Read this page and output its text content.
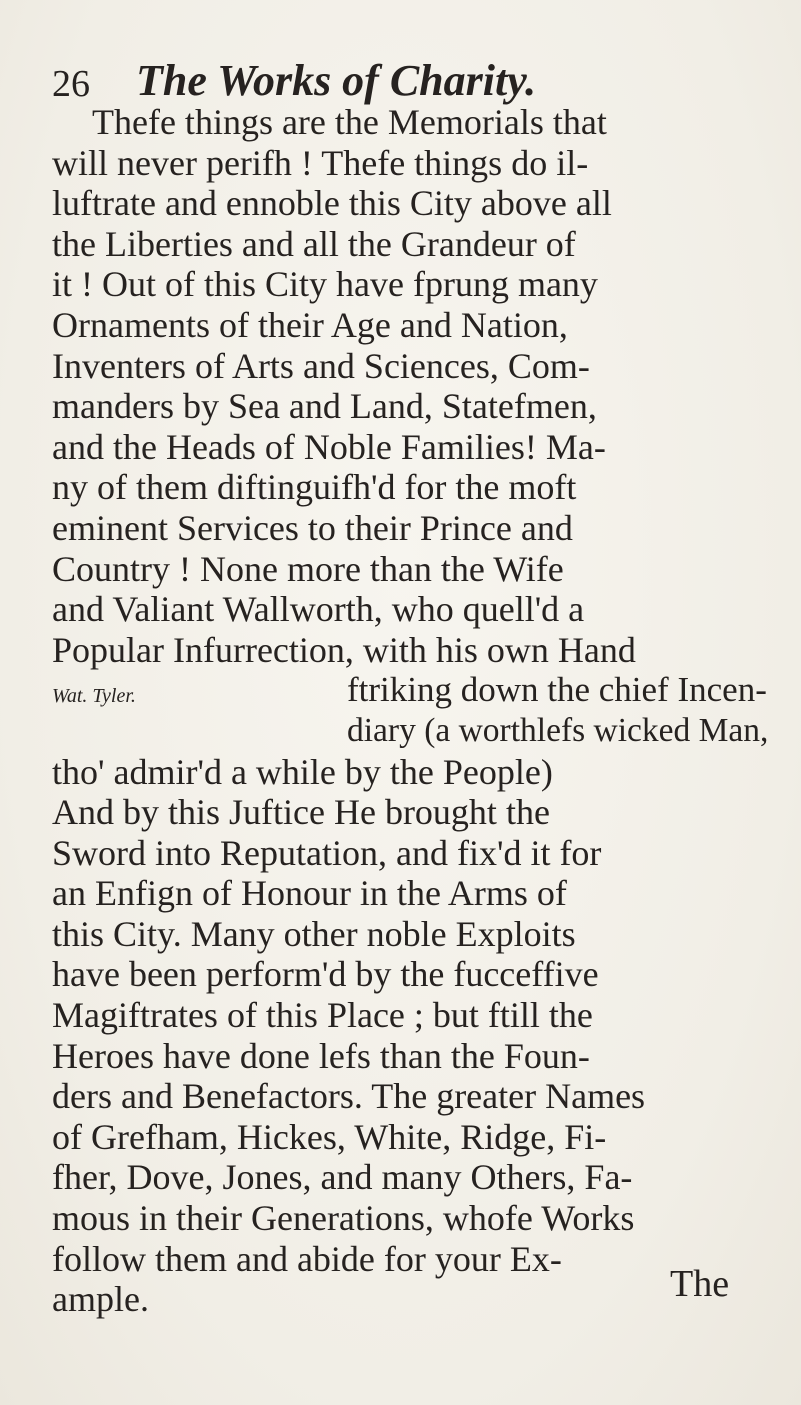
26 The Works of Charity.
Wat. Tyler.
Thefe things are the Memorials that
will never perifh ! Thefe things do il-
luftrate and ennoble this City above all
the Liberties and all the Grandeur of
it ! Out of this City have fprung many
Ornaments of their Age and Nation,
Inventers of Arts and Sciences, Com-
manders by Sea and Land, Statefmen,
and the Heads of Noble Families! Ma-
ny of them diftinguifh'd for the moft
eminent Services to their Prince and
Country ! None more than the Wife
and Valiant Wallworth, who quell'd a
Popular Infurrection, with his own Hand
ftriking down the chief Incen-
diary (a worthlefs wicked Man,
tho' admir'd a while by the People)
And by this Juftice He brought the
Sword into Reputation, and fix'd it for
an Enfign of Honour in the Arms of
this City. Many other noble Exploits
have been perform'd by the fucceffive
Magiftrates of this Place ; but ftill the
Heroes have done lefs than the Foun-
ders and Benefactors. The greater Names
of Grefham, Hickes, White, Ridge, Fi-
fher, Dove, Jones, and many Others, Fa-
mous in their Generations, whofe Works
follow them and abide for your Ex-
ample.	The
